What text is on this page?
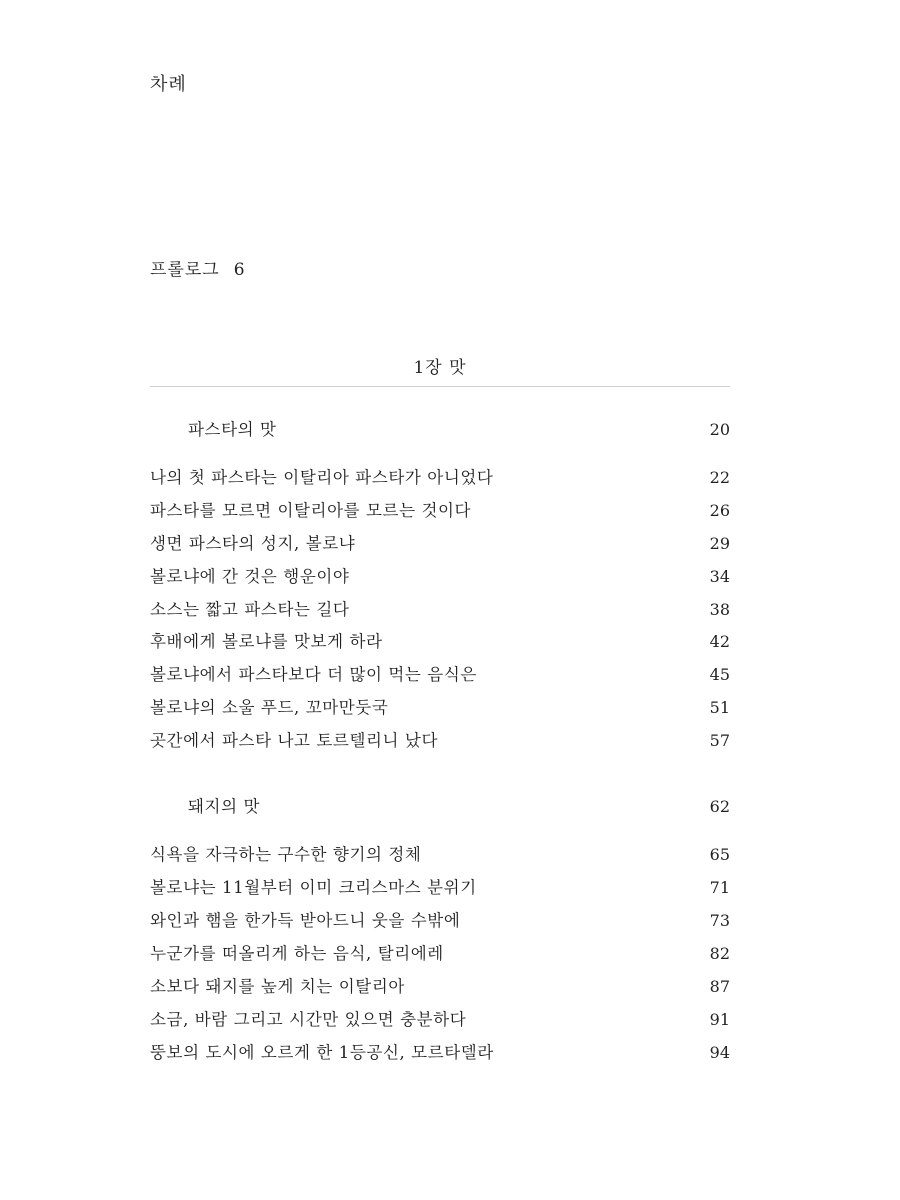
차례
프롤로그 6
1장 맛
파스타의 맛	20
나의 첫 파스타는 이탈리아 파스타가 아니었다	22
파스타를 모르면 이탈리아를 모르는 것이다	26
생면 파스타의 성지, 볼로냐	29
볼로냐에 간 것은 행운이야	34
소스는 짧고 파스타는 길다	38
후배에게 볼로냐를 맛보게 하라	42
볼로냐에서 파스타보다 더 많이 먹는 음식은	45
볼로냐의 소울 푸드, 꼬마만둣국	51
곳간에서 파스타 나고 토르텔리니 났다	57
돼지의 맛	62
식욕을 자극하는 구수한 향기의 정체	65
볼로냐는 11월부터 이미 크리스마스 분위기	71
와인과 햄을 한가득 받아드니 웃을 수밖에	73
누군가를 떠올리게 하는 음식, 탈리에레	82
소보다 돼지를 높게 치는 이탈리아	87
소금, 바람 그리고 시간만 있으면 충분하다	91
뚱보의 도시에 오르게 한 1등공신, 모르타델라	94
